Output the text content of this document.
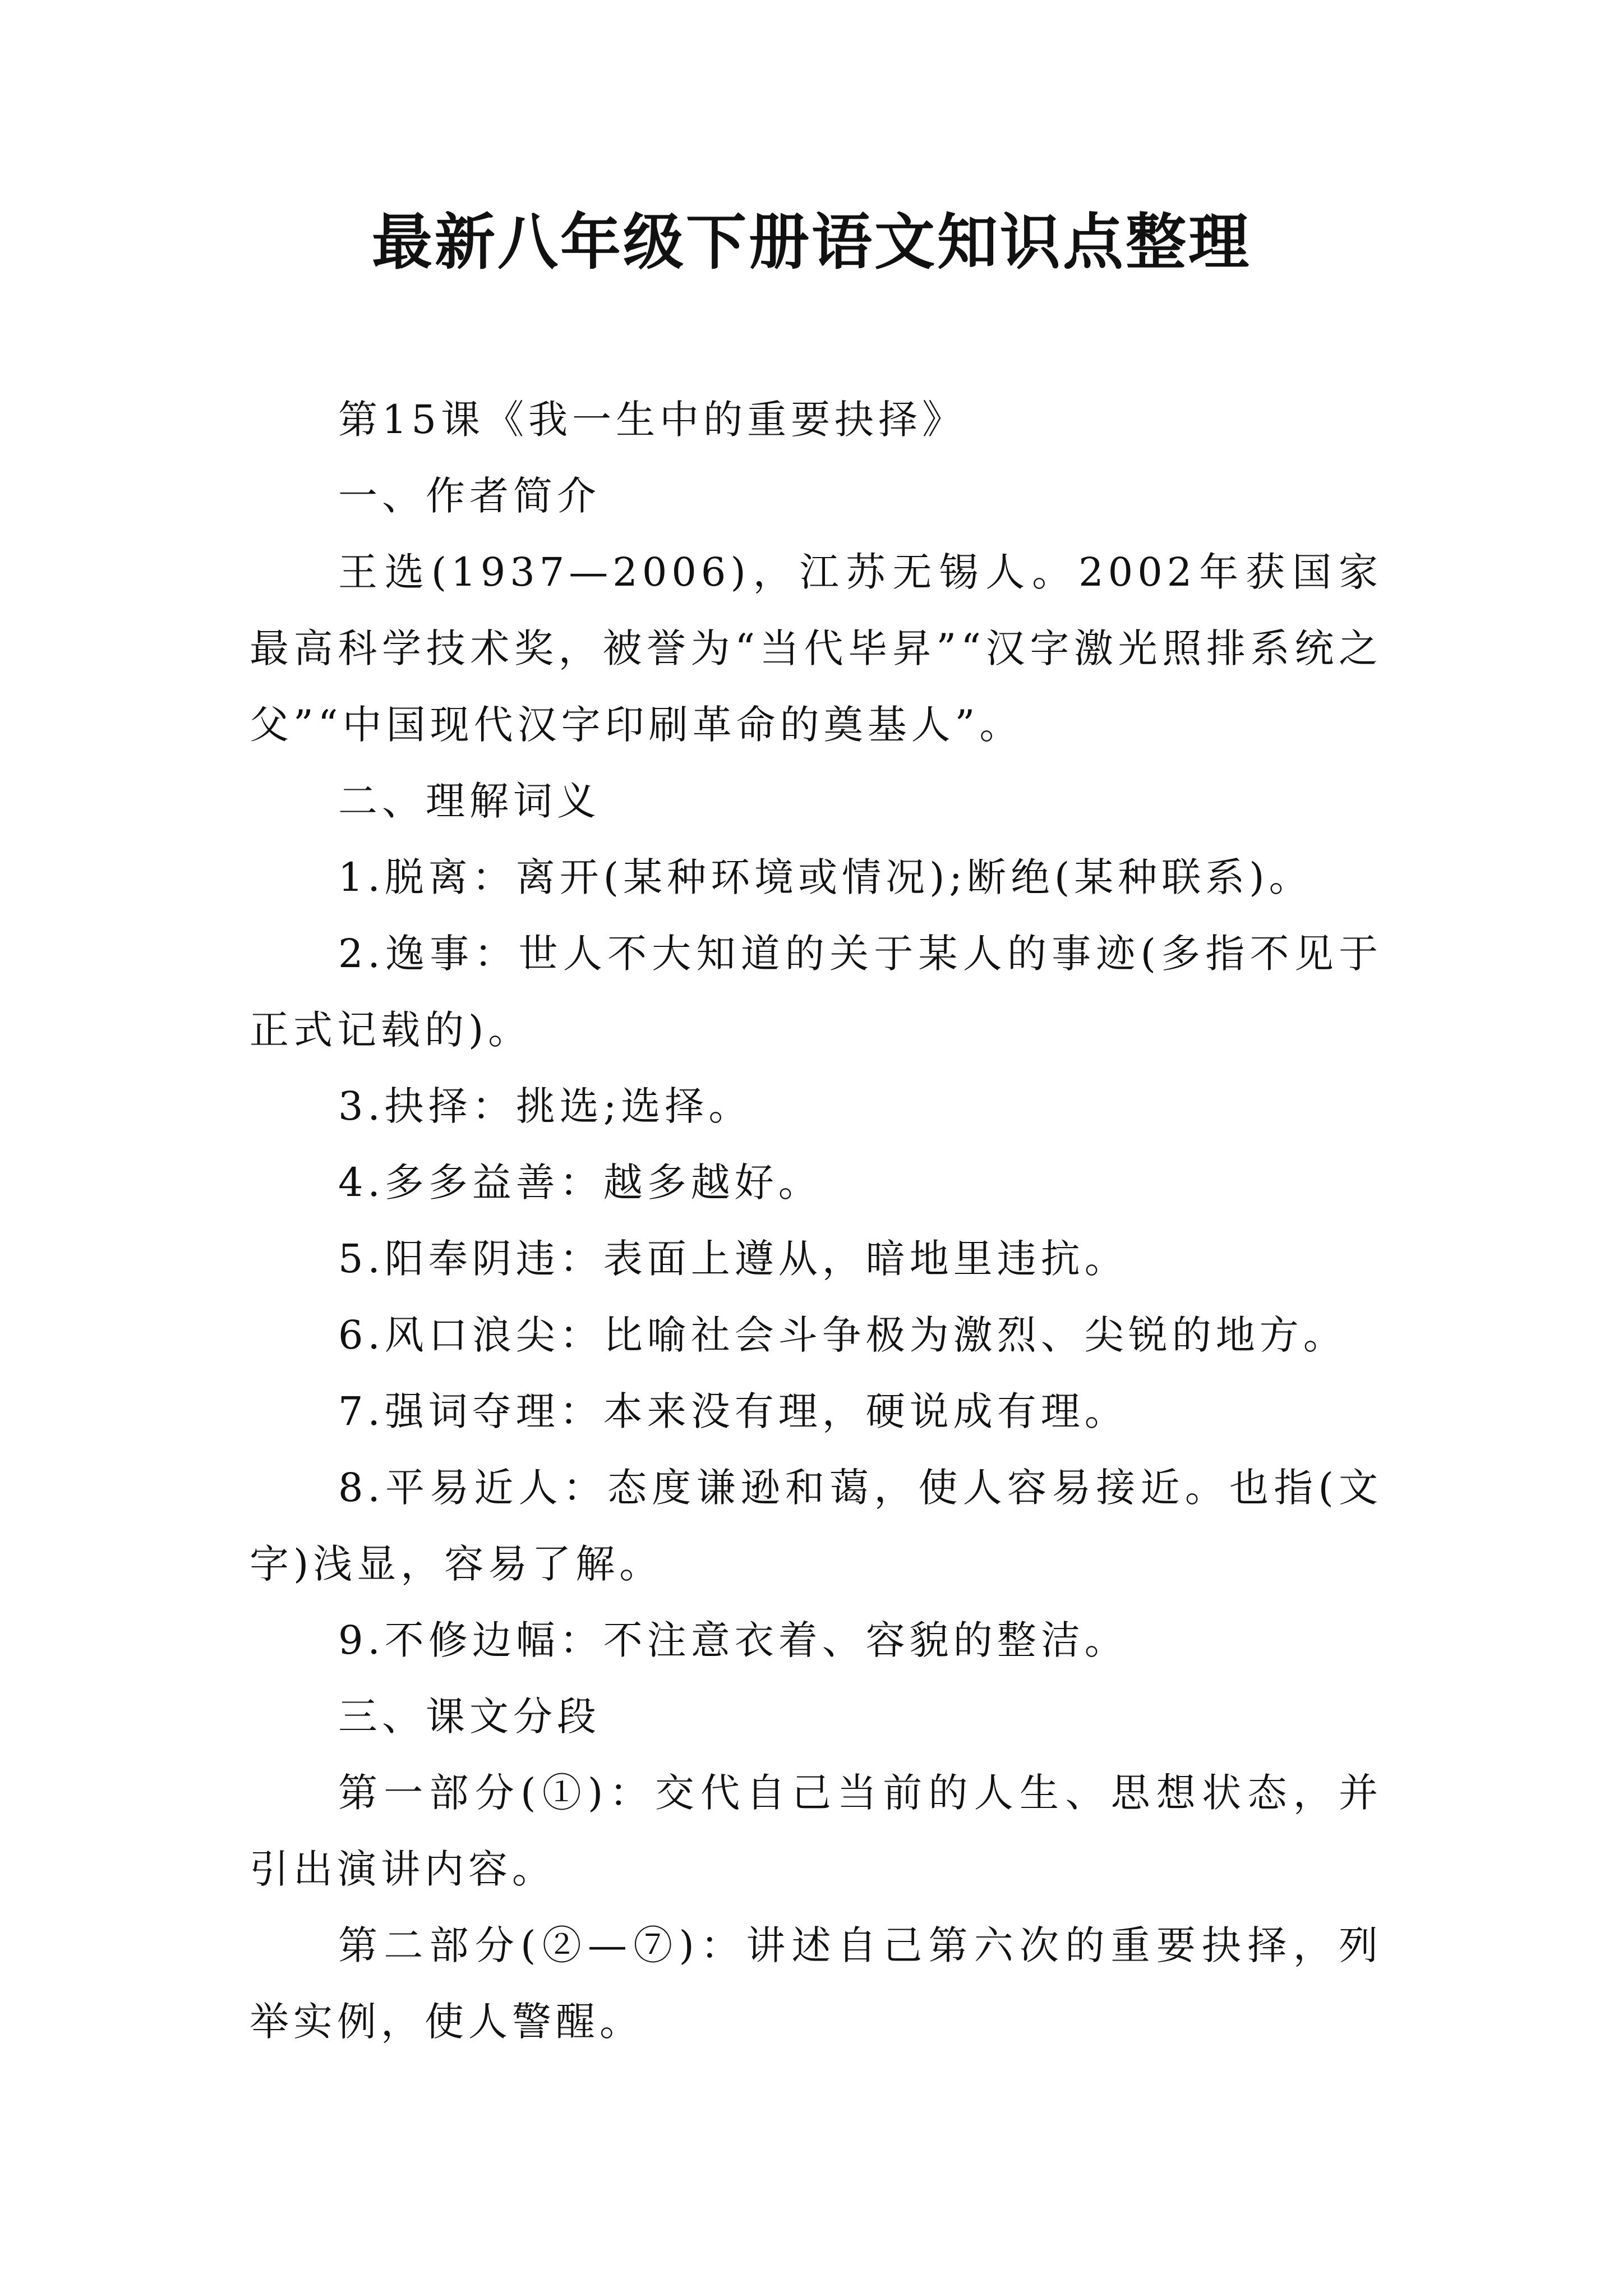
最新八年级下册语文知识点整理

第15课《我一生中的重要抉择》

一、作者简介

王选(1937—2006)，江苏无锡人。2002年获国家最高科学技术奖，被誉为“当代毕昇”“汉字激光照排系统之父”“中国现代汉字印刷革命的奠基人”。

二、理解词义

1.脱离：离开(某种环境或情况);断绝(某种联系)。

2.逸事：世人不大知道的关于某人的事迹(多指不见于正式记载的)。

3.抉择：挑选;选择。

4.多多益善：越多越好。

5.阳奉阴违：表面上遵从，暗地里违抗。

6.风口浪尖：比喻社会斗争极为激烈、尖锐的地方。

7.强词夺理：本来没有理，硬说成有理。

8.平易近人：态度谦逊和蔼，使人容易接近。也指(文字)浅显，容易了解。

9.不修边幅：不注意衣着、容貌的整洁。

三、课文分段

第一部分(①)：交代自己当前的人生、思想状态，并引出演讲内容。

第二部分(②—⑦)：讲述自己第六次的重要抉择，列举实例，使人警醒。
